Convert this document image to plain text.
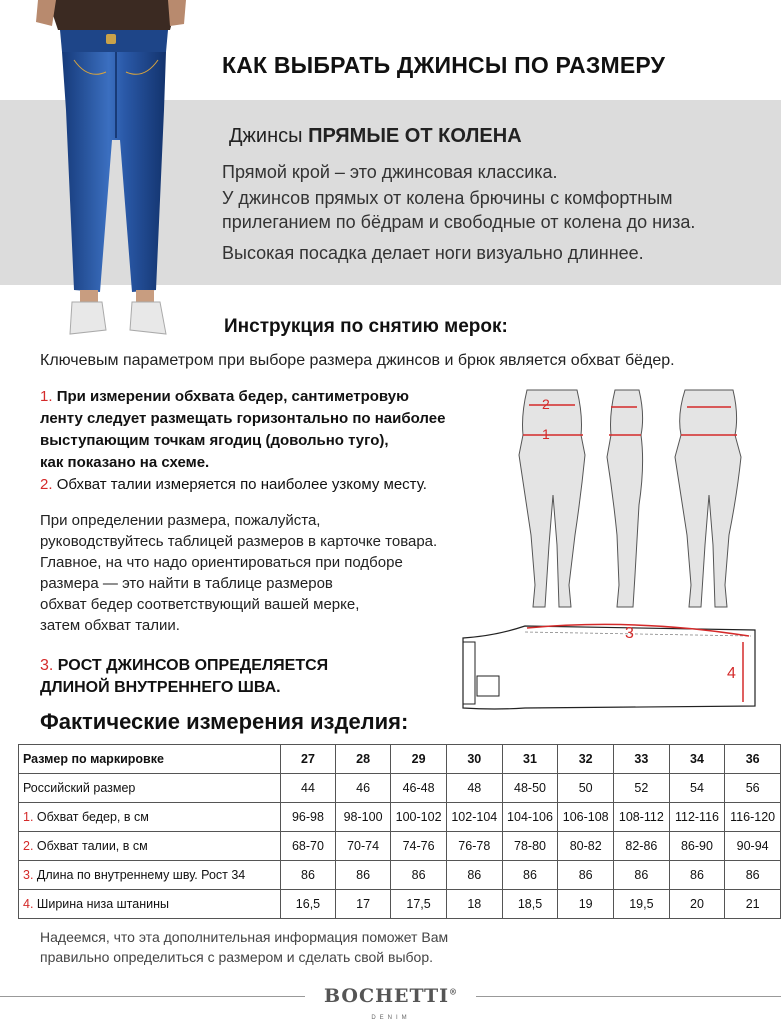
КАК ВЫБРАТЬ ДЖИНСЫ ПО РАЗМЕРУ
Джинсы ПРЯМЫЕ ОТ КОЛЕНА
Прямой крой – это джинсовая классика.
У джинсов прямых от колена брючины с комфортным
прилеганием по бёдрам и свободные от колена до низа.
Высокая посадка делает ноги визуально длиннее.
Инструкция по снятию мерок:
Ключевым параметром при выборе размера джинсов и брюк является обхват бёдер.
1. При измерении обхвата бедер, сантиметровую
ленту следует размещать горизонтально по наиболее
выступающим точкам ягодиц (довольно туго),
как показано на схеме.
2. Обхват талии измеряется по наиболее узкому месту.
При определении размера, пожалуйста,
руководствуйтесь таблицей размеров в карточке товара.
Главное, на что надо ориентироваться при подборе
размера — это найти в таблице размеров
обхват бедер соответствующий вашей мерке,
затем обхват талии.
3. РОСТ ДЖИНСОВ ОПРЕДЕЛЯЕТСЯ
ДЛИНОЙ ВНУТРЕННЕГО ШВА.
2
1
3
4
Фактические измерения изделия:
Размер по маркировке	27	28	29	30	31	32	33	34	36
Российский размер	44	46	46-48	48	48-50	50	52	54	56
1. Обхват бедер, в см	96-98	98-100	100-102	102-104	104-106	106-108	108-112	112-116	116-120
2. Обхват талии, в см	68-70	70-74	74-76	76-78	78-80	80-82	82-86	86-90	90-94
3. Длина по внутреннему шву. Рост 34	86	86	86	86	86	86	86	86	86
4. Ширина низа штанины	16,5	17	17,5	18	18,5	19	19,5	20	21
Надеемся, что эта дополнительная информация поможет Вам
правильно определиться с размером и сделать свой выбор.
BOCHETTI®
DENIM
